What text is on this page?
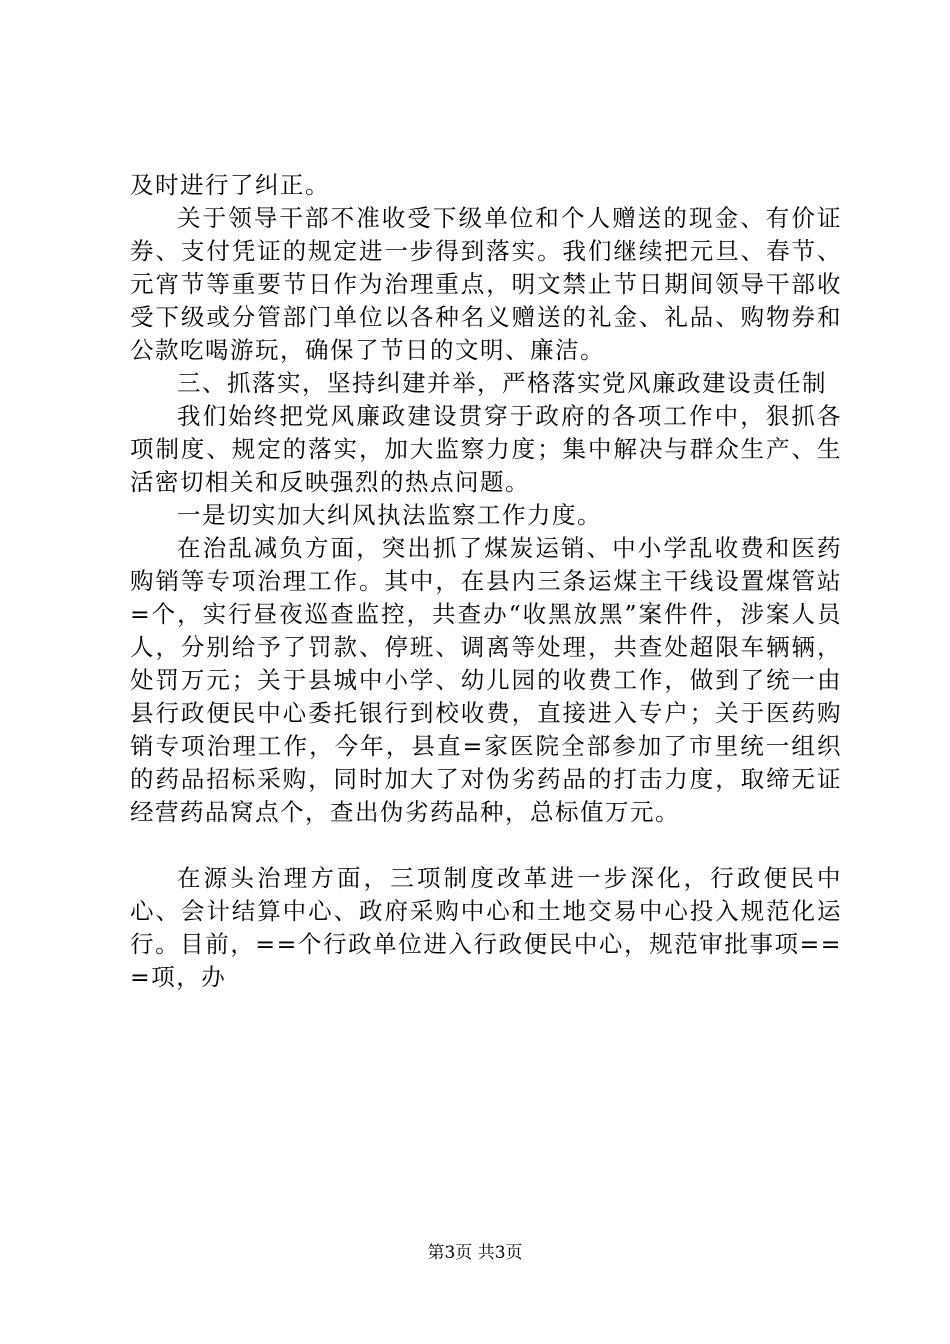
及时进行了纠正。

关于领导干部不准收受下级单位和个人赠送的现金、有价证券、支付凭证的规定进一步得到落实。我们继续把元旦、春节、元宵节等重要节日作为治理重点，明文禁止节日期间领导干部收受下级或分管部门单位以各种名义赠送的礼金、礼品、购物券和公款吃喝游玩，确保了节日的文明、廉洁。

三、抓落实，坚持纠建并举，严格落实党风廉政建设责任制

我们始终把党风廉政建设贯穿于政府的各项工作中，狠抓各项制度、规定的落实，加大监察力度；集中解决与群众生产、生活密切相关和反映强烈的热点问题。

一是切实加大纠风执法监察工作力度。

在治乱减负方面，突出抓了煤炭运销、中小学乱收费和医药购销等专项治理工作。其中，在县内三条运煤主干线设置煤管站=个，实行昼夜巡查监控，共查办“收黑放黑”案件件，涉案人员人，分别给予了罚款、停班、调离等处理，共查处超限车辆辆，处罚万元；关于县城中小学、幼儿园的收费工作，做到了统一由县行政便民中心委托银行到校收费，直接进入专户；关于医药购销专项治理工作，今年，县直=家医院全部参加了市里统一组织的药品招标采购，同时加大了对伪劣药品的打击力度，取缔无证经营药品窝点个，查出伪劣药品种，总标值万元。

在源头治理方面，三项制度改革进一步深化，行政便民中心、会计结算中心、政府采购中心和土地交易中心投入规范化运行。目前，==个行政单位进入行政便民中心，规范审批事项===项，办

第3页 共3页
